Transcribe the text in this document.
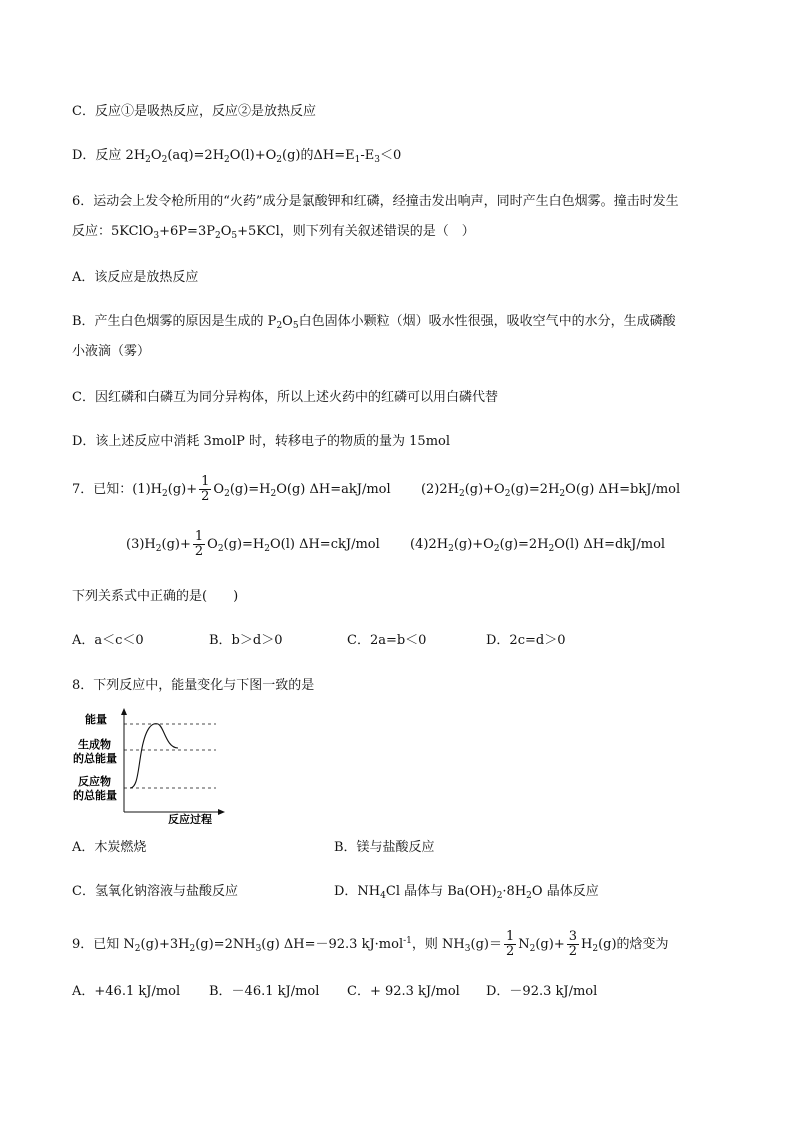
C．反应①是吸热反应，反应②是放热反应
D．反应 $2H_2O_2(aq)=2H_2O(l)+O_2(g)$的$\Delta H=E_1-E_3<0$
6．运动会上发令枪所用的“火药”成分是氯酸钾和红磷，经撞击发出响声，同时产生白色烟雾。撞击时发生
反应：$5KClO_3+6P=3P_2O_5+5KCl$，则下列有关叙述错误的是（　）
A．该反应是放热反应
B．产生白色烟雾的原因是生成的 $P_2O_5$白色固体小颗粒（烟）吸水性很强，吸收空气中的水分，生成磷酸
小液滴（雾）
C．因红磷和白磷互为同分异构体，所以上述火药中的红磷可以用白磷代替
D．该上述反应中消耗 3molP 时，转移电子的物质的量为 15mol
7．已知：$(1)H_2(g)+ \frac{1}{2} O_2(g)=H_2O(g)$ ΔH=akJ/mol $(2)2H_2(g)+O_2(g)=2H_2O(g)$ ΔH=bkJ/mol
$(3)H_2(g)+ \frac{1}{2} O_2(g)=H_2O(l)$ ΔH=ckJ/mol $(4)2H_2(g)+O_2(g)=2H_2O(l)$ ΔH=dkJ/mol
下列关系式中正确的是(　　)
A．a＜c＜0	B．b＞d＞0	C．2a=b＜0	D．2c=d＞0
8．下列反应中，能量变化与下图一致的是
能量
生成物
的总能量
反应物
的总能量
反应过程
A．木炭燃烧	B．镁与盐酸反应
C．氢氧化钠溶液与盐酸反应	D．$NH_4Cl$ 晶体与 $Ba(OH)_2\cdot 8H_2O$ 晶体反应
9．已知 $N_2(g)+3H_2(g)=2NH_3(g)$ ΔH=－92.3 kJ·mol$^{-1}$，则 $NH_3(g)= \frac{1}{2} N_2(g)+ \frac{3}{2} H_2(g)$的焓变为
A．+46.1 kJ/mol B．－46.1 kJ/mol C．+ 92.3 kJ/mol D．－92.3 kJ/mol
